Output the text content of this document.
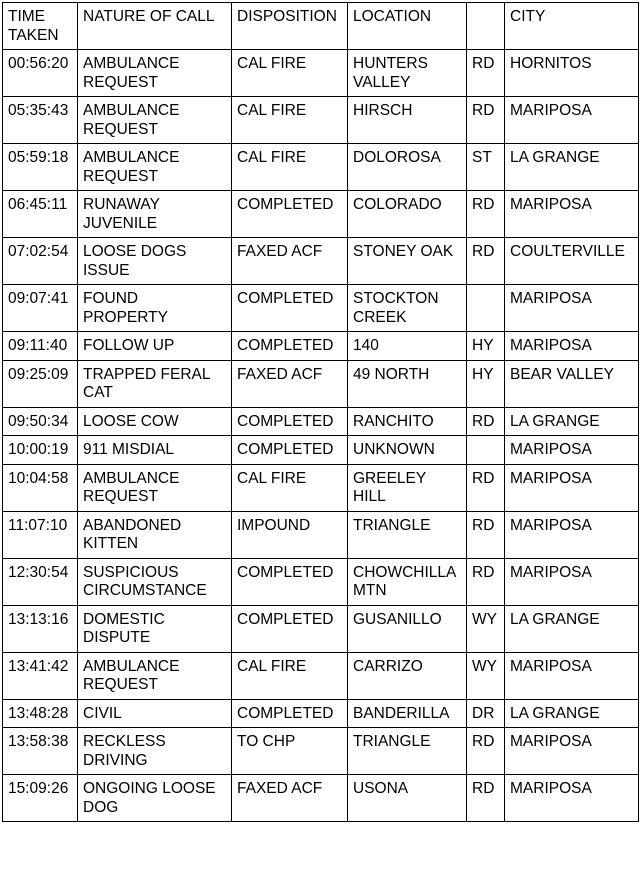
TIME TAKEN	NATURE OF CALL	DISPOSITION	LOCATION		CITY
00:56:20	AMBULANCE REQUEST	CAL FIRE	HUNTERS VALLEY	RD	HORNITOS
05:35:43	AMBULANCE REQUEST	CAL FIRE	HIRSCH	RD	MARIPOSA
05:59:18	AMBULANCE REQUEST	CAL FIRE	DOLOROSA	ST	LA GRANGE
06:45:11	RUNAWAY JUVENILE	COMPLETED	COLORADO	RD	MARIPOSA
07:02:54	LOOSE DOGS ISSUE	FAXED ACF	STONEY OAK	RD	COULTERVILLE
09:07:41	FOUND PROPERTY	COMPLETED	STOCKTON CREEK		MARIPOSA
09:11:40	FOLLOW UP	COMPLETED	140	HY	MARIPOSA
09:25:09	TRAPPED FERAL CAT	FAXED ACF	49 NORTH	HY	BEAR VALLEY
09:50:34	LOOSE COW	COMPLETED	RANCHITO	RD	LA GRANGE
10:00:19	911 MISDIAL	COMPLETED	UNKNOWN		MARIPOSA
10:04:58	AMBULANCE REQUEST	CAL FIRE	GREELEY HILL	RD	MARIPOSA
11:07:10	ABANDONED KITTEN	IMPOUND	TRIANGLE	RD	MARIPOSA
12:30:54	SUSPICIOUS CIRCUMSTANCE	COMPLETED	CHOWCHILLA MTN	RD	MARIPOSA
13:13:16	DOMESTIC DISPUTE	COMPLETED	GUSANILLO	WY	LA GRANGE
13:41:42	AMBULANCE REQUEST	CAL FIRE	CARRIZO	WY	MARIPOSA
13:48:28	CIVIL	COMPLETED	BANDERILLA	DR	LA GRANGE
13:58:38	RECKLESS DRIVING	TO CHP	TRIANGLE	RD	MARIPOSA
15:09:26	ONGOING LOOSE DOG	FAXED ACF	USONA	RD	MARIPOSA
